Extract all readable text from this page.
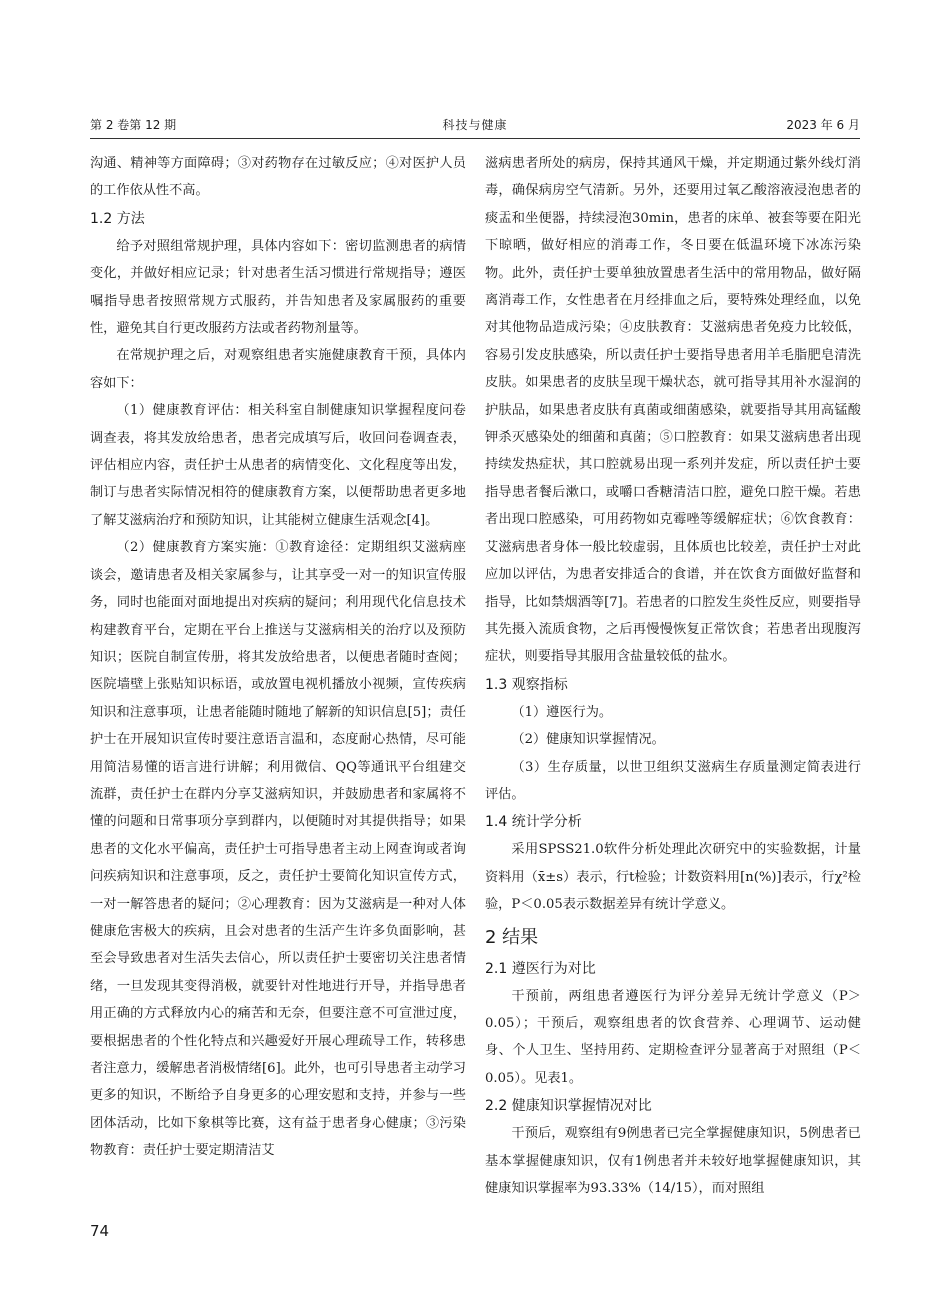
第 2 卷第 12 期	科技与健康	2023 年 6 月

沟通、精神等方面障碍；③对药物存在过敏反应；④对医护人员的工作依从性不高。

1.2 方法

给予对照组常规护理，具体内容如下：密切监测患者的病情变化，并做好相应记录；针对患者生活习惯进行常规指导；遵医嘱指导患者按照常规方式服药，并告知患者及家属服药的重要性，避免其自行更改服药方法或者药物剂量等。

在常规护理之后，对观察组患者实施健康教育干预，具体内容如下：

（1）健康教育评估：相关科室自制健康知识掌握程度问卷调查表，将其发放给患者，患者完成填写后，收回问卷调查表，评估相应内容，责任护士从患者的病情变化、文化程度等出发，制订与患者实际情况相符的健康教育方案，以便帮助患者更多地了解艾滋病治疗和预防知识，让其能树立健康生活观念[4]。

（2）健康教育方案实施：①教育途径：定期组织艾滋病座谈会，邀请患者及相关家属参与，让其享受一对一的知识宣传服务，同时也能面对面地提出对疾病的疑问；利用现代化信息技术构建教育平台，定期在平台上推送与艾滋病相关的治疗以及预防知识；医院自制宣传册，将其发放给患者，以便患者随时查阅；医院墙壁上张贴知识标语，或放置电视机播放小视频，宣传疾病知识和注意事项，让患者能随时随地了解新的知识信息[5]；责任护士在开展知识宣传时要注意语言温和，态度耐心热情，尽可能用简洁易懂的语言进行讲解；利用微信、QQ等通讯平台组建交流群，责任护士在群内分享艾滋病知识，并鼓励患者和家属将不懂的问题和日常事项分享到群内，以便随时对其提供指导；如果患者的文化水平偏高，责任护士可指导患者主动上网查询或者询问疾病知识和注意事项，反之，责任护士要简化知识宣传方式，一对一解答患者的疑问；②心理教育：因为艾滋病是一种对人体健康危害极大的疾病，且会对患者的生活产生许多负面影响，甚至会导致患者对生活失去信心，所以责任护士要密切关注患者情绪，一旦发现其变得消极，就要针对性地进行开导，并指导患者用正确的方式释放内心的痛苦和无奈，但要注意不可宣泄过度，要根据患者的个性化特点和兴趣爱好开展心理疏导工作，转移患者注意力，缓解患者消极情绪[6]。此外，也可引导患者主动学习更多的知识，不断给予自身更多的心理安慰和支持，并参与一些团体活动，比如下象棋等比赛，这有益于患者身心健康；③污染物教育：责任护士要定期清洁艾

滋病患者所处的病房，保持其通风干燥，并定期通过紫外线灯消毒，确保病房空气清新。另外，还要用过氧乙酸溶液浸泡患者的痰盂和坐便器，持续浸泡30min，患者的床单、被套等要在阳光下晾晒，做好相应的消毒工作，冬日要在低温环境下冰冻污染物。此外，责任护士要单独放置患者生活中的常用物品，做好隔离消毒工作，女性患者在月经排血之后，要特殊处理经血，以免对其他物品造成污染；④皮肤教育：艾滋病患者免疫力比较低，容易引发皮肤感染，所以责任护士要指导患者用羊毛脂肥皂清洗皮肤。如果患者的皮肤呈现干燥状态，就可指导其用补水湿润的护肤品，如果患者皮肤有真菌或细菌感染，就要指导其用高锰酸钾杀灭感染处的细菌和真菌；⑤口腔教育：如果艾滋病患者出现持续发热症状，其口腔就易出现一系列并发症，所以责任护士要指导患者餐后漱口，或嚼口香糖清洁口腔，避免口腔干燥。若患者出现口腔感染，可用药物如克霉唑等缓解症状；⑥饮食教育：艾滋病患者身体一般比较虚弱，且体质也比较差，责任护士对此应加以评估，为患者安排适合的食谱，并在饮食方面做好监督和指导，比如禁烟酒等[7]。若患者的口腔发生炎性反应，则要指导其先摄入流质食物，之后再慢慢恢复正常饮食；若患者出现腹泻症状，则要指导其服用含盐量较低的盐水。

1.3 观察指标

（1）遵医行为。

（2）健康知识掌握情况。

（3）生存质量，以世卫组织艾滋病生存质量测定简表进行评估。

1.4 统计学分析

采用SPSS21.0软件分析处理此次研究中的实验数据，计量资料用（x̄±s）表示，行t检验；计数资料用[n(%)]表示，行χ²检验，P＜0.05表示数据差异有统计学意义。

2 结果
2.1 遵医行为对比

干预前，两组患者遵医行为评分差异无统计学意义（P＞0.05）；干预后，观察组患者的饮食营养、心理调节、运动健身、个人卫生、坚持用药、定期检查评分显著高于对照组（P＜0.05）。见表1。

2.2 健康知识掌握情况对比

干预后，观察组有9例患者已完全掌握健康知识，5例患者已基本掌握健康知识，仅有1例患者并未较好地掌握健康知识，其健康知识掌握率为93.33%（14/15），而对照组

74
